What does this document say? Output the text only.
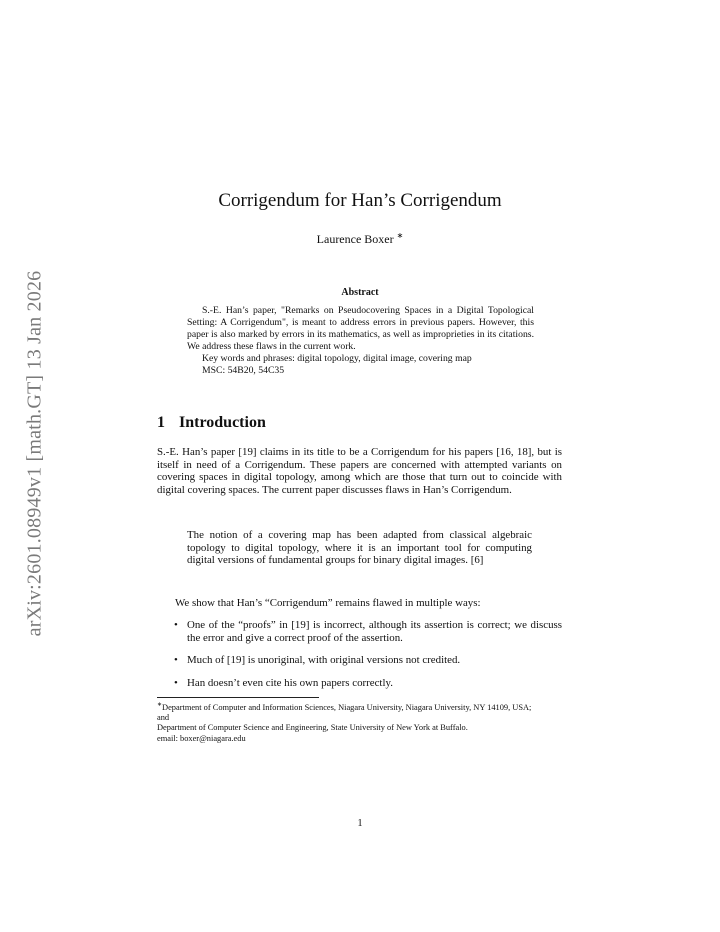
arXiv:2601.08949v1 [math.GT] 13 Jan 2026
Corrigendum for Han’s Corrigendum
Laurence Boxer ∗
Abstract

S.-E. Han’s paper, "Remarks on Pseudocovering Spaces in a Digital Topological Setting: A Corrigendum", is meant to address errors in previous papers. However, this paper is also marked by errors in its mathematics, as well as improprieties in its citations. We address these flaws in the current work.

Key words and phrases: digital topology, digital image, covering map

MSC: 54B20, 54C35

1 Introduction

S.-E. Han’s paper [19] claims in its title to be a Corrigendum for his papers [16, 18], but is itself in need of a Corrigendum. These papers are concerned with attempted variants on covering spaces in digital topology, among which are those that turn out to coincide with digital covering spaces. The current paper discusses flaws in Han’s Corrigendum.

The notion of a covering map has been adapted from classical algebraic topology to digital topology, where it is an important tool for computing digital versions of fundamental groups for binary digital images. [6]

We show that Han’s “Corrigendum” remains flawed in multiple ways:

• One of the “proofs” in [19] is incorrect, although its assertion is correct; we discuss the error and give a correct proof of the assertion.
• Much of [19] is unoriginal, with original versions not credited.
• Han doesn’t even cite his own papers correctly.

∗Department of Computer and Information Sciences, Niagara University, Niagara University, NY 14109, USA;

and

Department of Computer Science and Engineering, State University of New York at Buffalo.

email: boxer@niagara.edu

1
